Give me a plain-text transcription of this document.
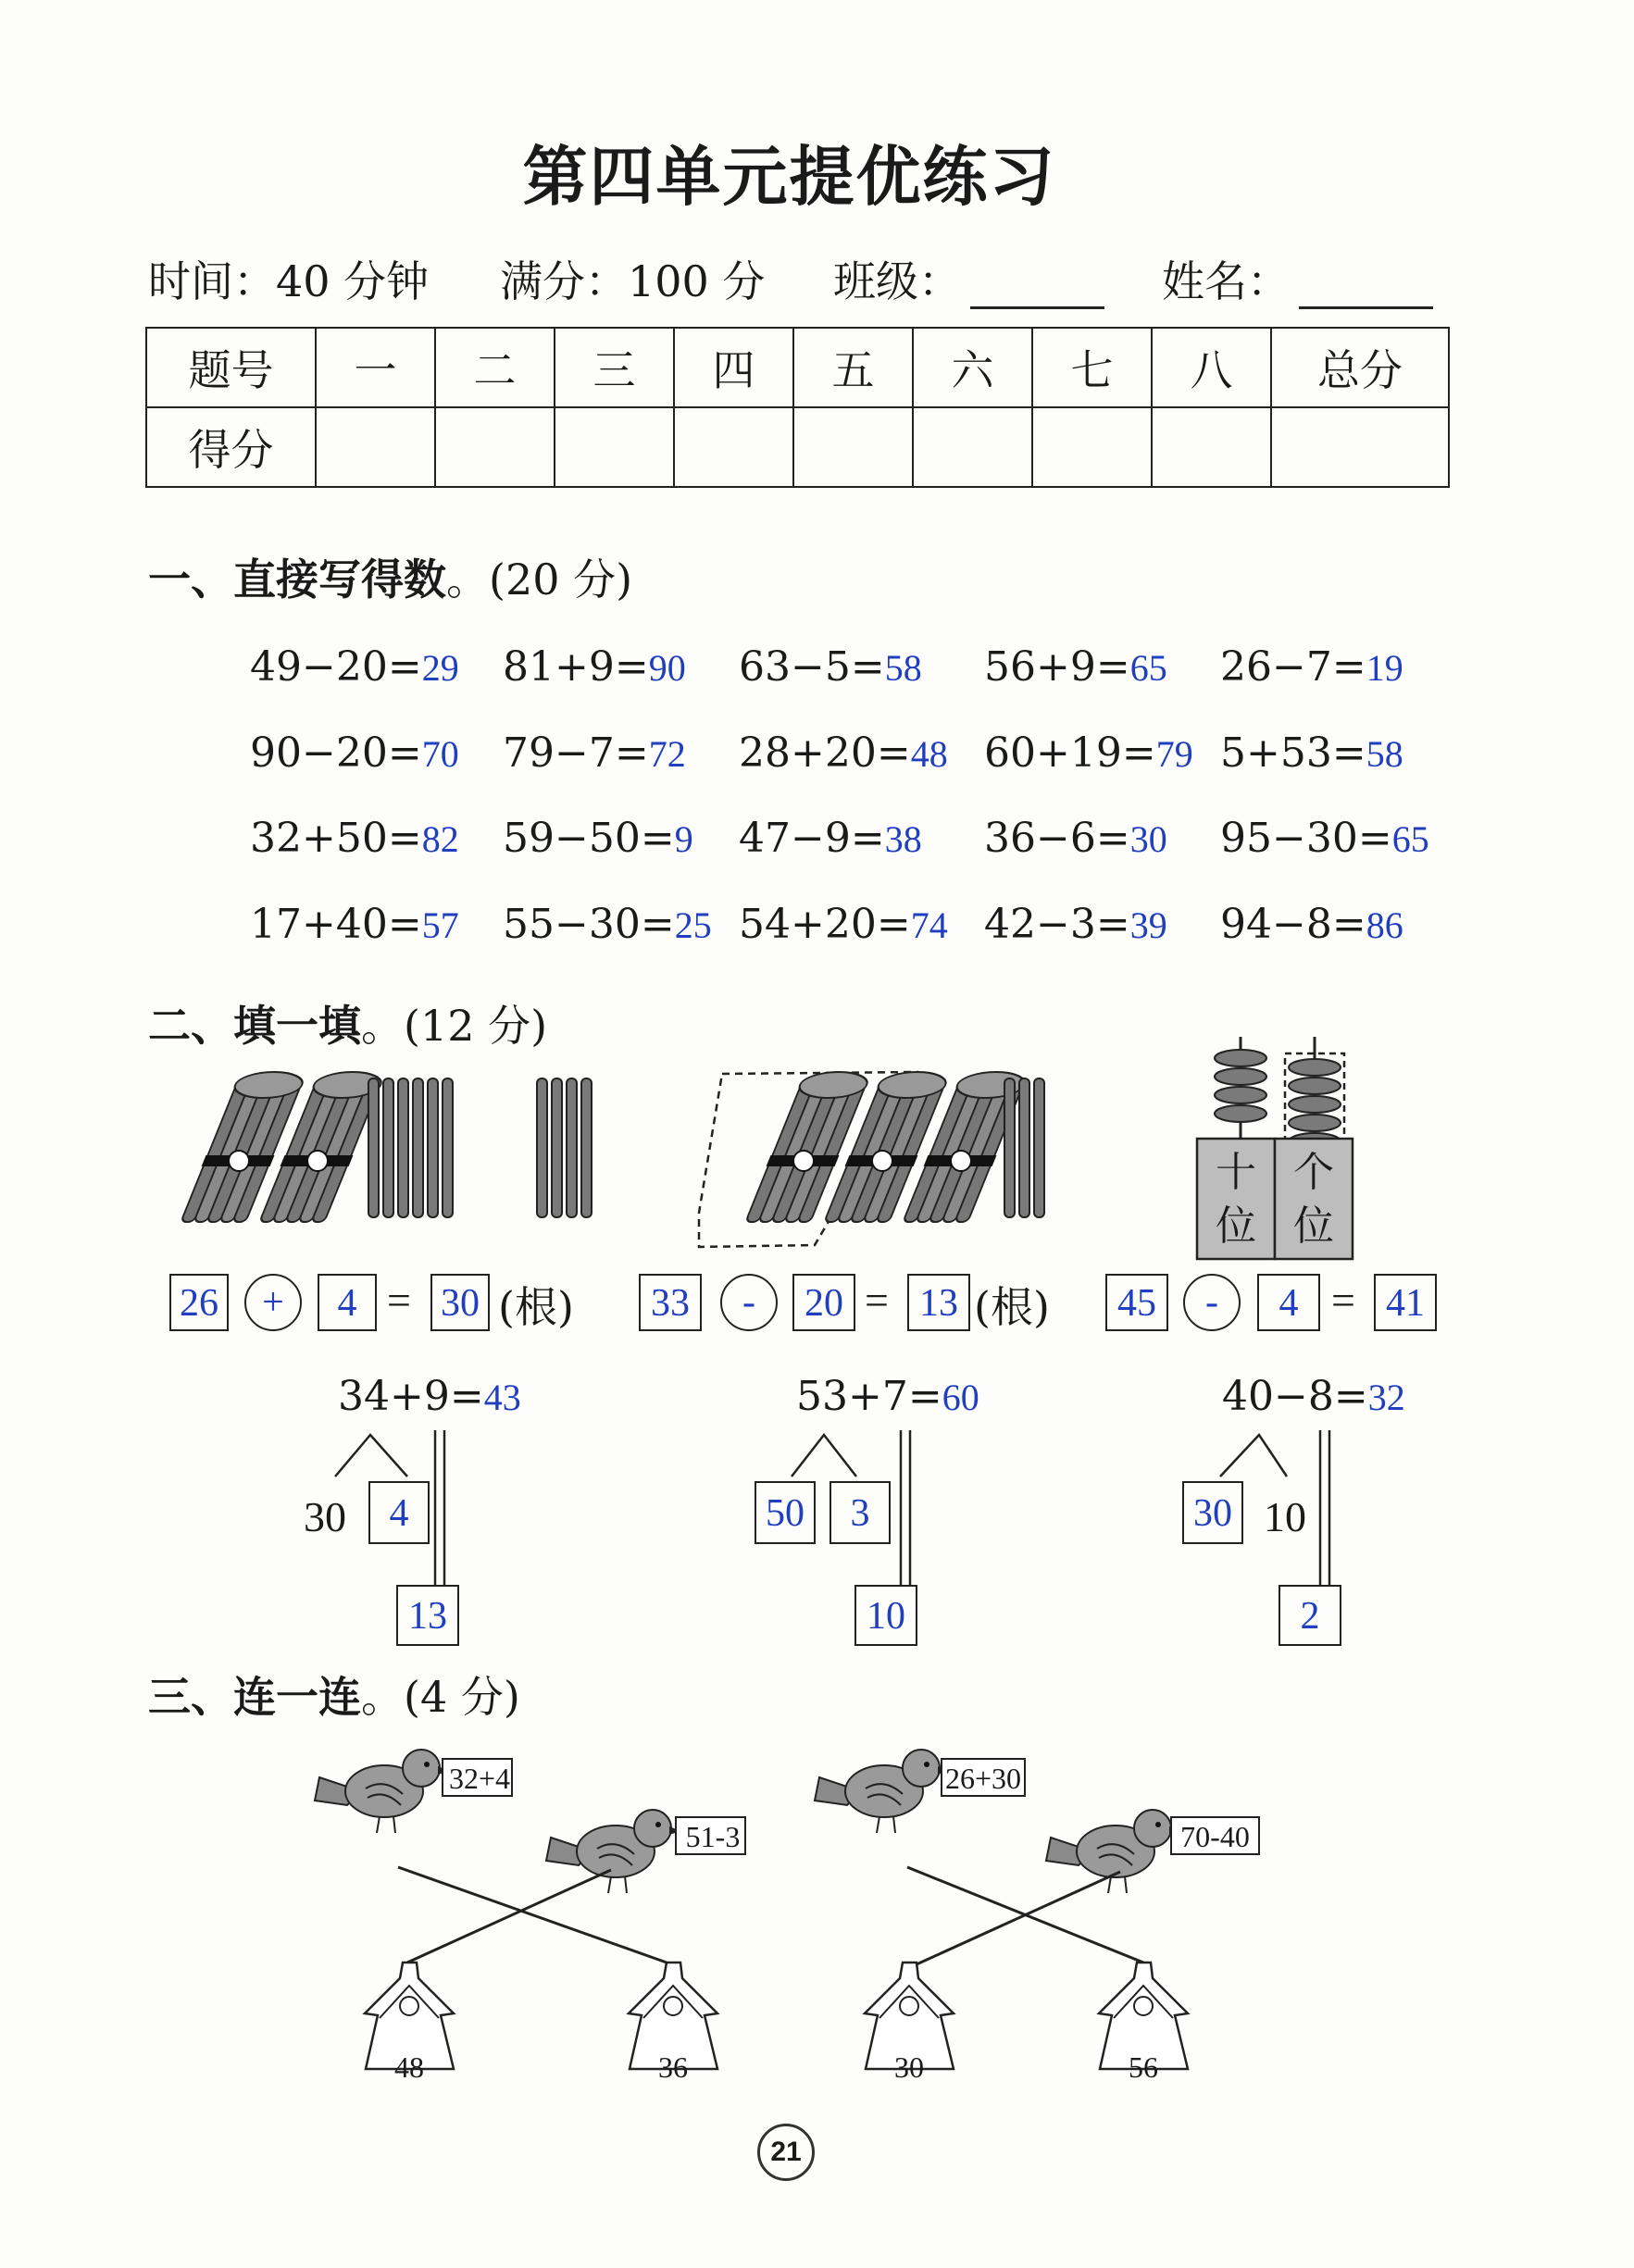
第四单元提优练习
时间：40 分钟 满分：100 分 班级：	姓名：
题号	一	二	三	四	五	六	七	八	总分
得分									
一、直接写得数。(20 分)
49−20=29 81+9=90 63−5=58 56+9=65 26−7=19
90−20=70 79−7=72 28+20=48 60+19=79 5+53=58
32+50=82 59−50=9 47−9=38 36−6=30 95−30=65
17+40=57 55−30=25 54+20=74 42−3=39 94−8=86
二、填一填。(12 分)
十位
个位
26	+	4 = 30 (根)	33	-	20 = 13 (根)	45	-	4 = 41
34+9=43
30	4
13
53+7=60
50	3
10
40−8=32
30 10
2
三、连一连。(4 分)
32+4
51-3
26+30
70-40
48	36	30	56
21
